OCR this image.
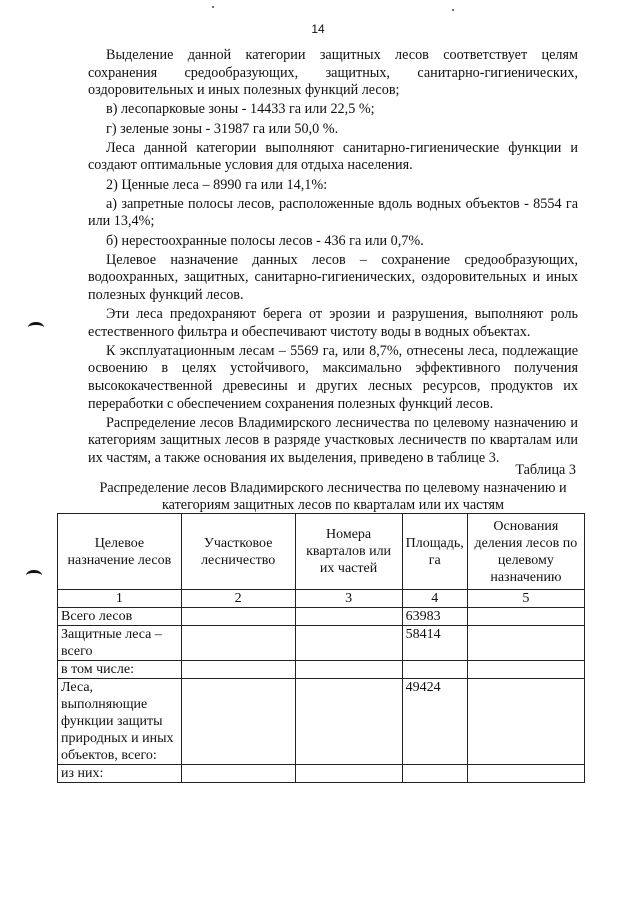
14

Выделение данной категории защитных лесов соответствует целям сохранения средообразующих, защитных, санитарно-гигиенических, оздоровительных и иных полезных функций лесов;

в) лесопарковые зоны - 14433 га или 22,5 %;

г) зеленые зоны - 31987 га или 50,0 %.

Леса данной категории выполняют санитарно-гигиенические функции и создают оптимальные условия для отдыха населения.

2) Ценные леса – 8990 га или 14,1%:

а) запретные полосы лесов, расположенные вдоль водных объектов - 8554 га или 13,4%;

б) нерестоохранные полосы лесов - 436 га или 0,7%.

Целевое назначение данных лесов – сохранение средообразующих, водоохранных, защитных, санитарно-гигиенических, оздоровительных и иных полезных функций лесов.

Эти леса предохраняют берега от эрозии и разрушения, выполняют роль естественного фильтра и обеспечивают чистоту воды в водных объектах.

К эксплуатационным лесам – 5569 га, или 8,7%, отнесены леса, подлежащие освоению в целях устойчивого, максимально эффективного получения высококачественной древесины и других лесных ресурсов, продуктов их переработки с обеспечением сохранения полезных функций лесов.

Распределение лесов Владимирского лесничества по целевому назначению и категориям защитных лесов в разряде участковых лесничеств по кварталам или их частям, а также основания их выделения, приведено в таблице 3.

Таблица 3
Распределение лесов Владимирского лесничества по целевому назначению и категориям защитных лесов по кварталам или их частям
Целевое назначение лесов	Участковое лесничество	Номера кварталов или их частей	Площадь, га	Основания деления лесов по целевому назначению
1	2	3	4	5
Всего лесов			63983	
Защитные леса – всего			58414	
в том числе:				
Леса, выполняющие функции защиты природных и иных объектов, всего:			49424	
из них:				
